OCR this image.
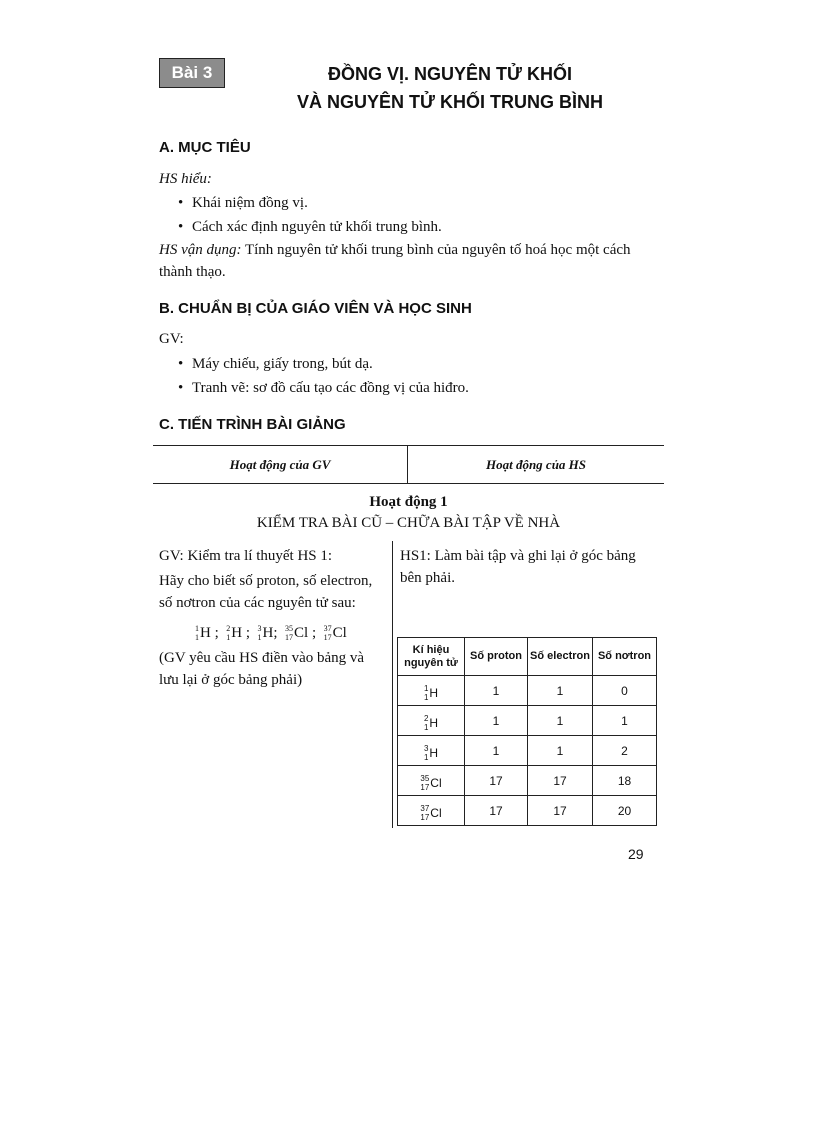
Bài 3	ĐỒNG VỊ. NGUYÊN TỬ KHỐI
VÀ NGUYÊN TỬ KHỐI TRUNG BÌNH
A. MỤC TIÊU
HS hiểu:
• Khái niệm đồng vị.
• Cách xác định nguyên tử khối trung bình.
HS vận dụng: Tính nguyên tử khối trung bình của nguyên tố hoá học một cách
thành thạo.
B. CHUẨN BỊ CỦA GIÁO VIÊN VÀ HỌC SINH
GV:
• Máy chiếu, giấy trong, bút dạ.
• Tranh vẽ: sơ đồ cấu tạo các đồng vị của hiđro.
C. TIẾN TRÌNH BÀI GIẢNG
Hoạt động của GV	Hoạt động của HS
Hoạt động 1
KIỂM TRA BÀI CŨ – CHỮA BÀI TẬP VỀ NHÀ
GV: Kiểm tra lí thuyết HS 1:
Hãy cho biết số proton, số electron,
số nơtron của các nguyên tử sau:
1
1 H ;
2
1 H ;
3
1 H ;
35
17 Cl ;
37
17 Cl
(GV yêu cầu HS điền vào bảng và
lưu lại ở góc bảng phải)
HS1: Làm bài tập và ghi lại ở góc bảng
bên phải.
Kí hiệu nguyên tử	Số proton	Số electron	Số nơtron

1
1 H	1	1	0

2
1 H	1	1	1

3
1 H	1	1	2

35
17 Cl	17	17	18

37
17 Cl	17	17	20
29
